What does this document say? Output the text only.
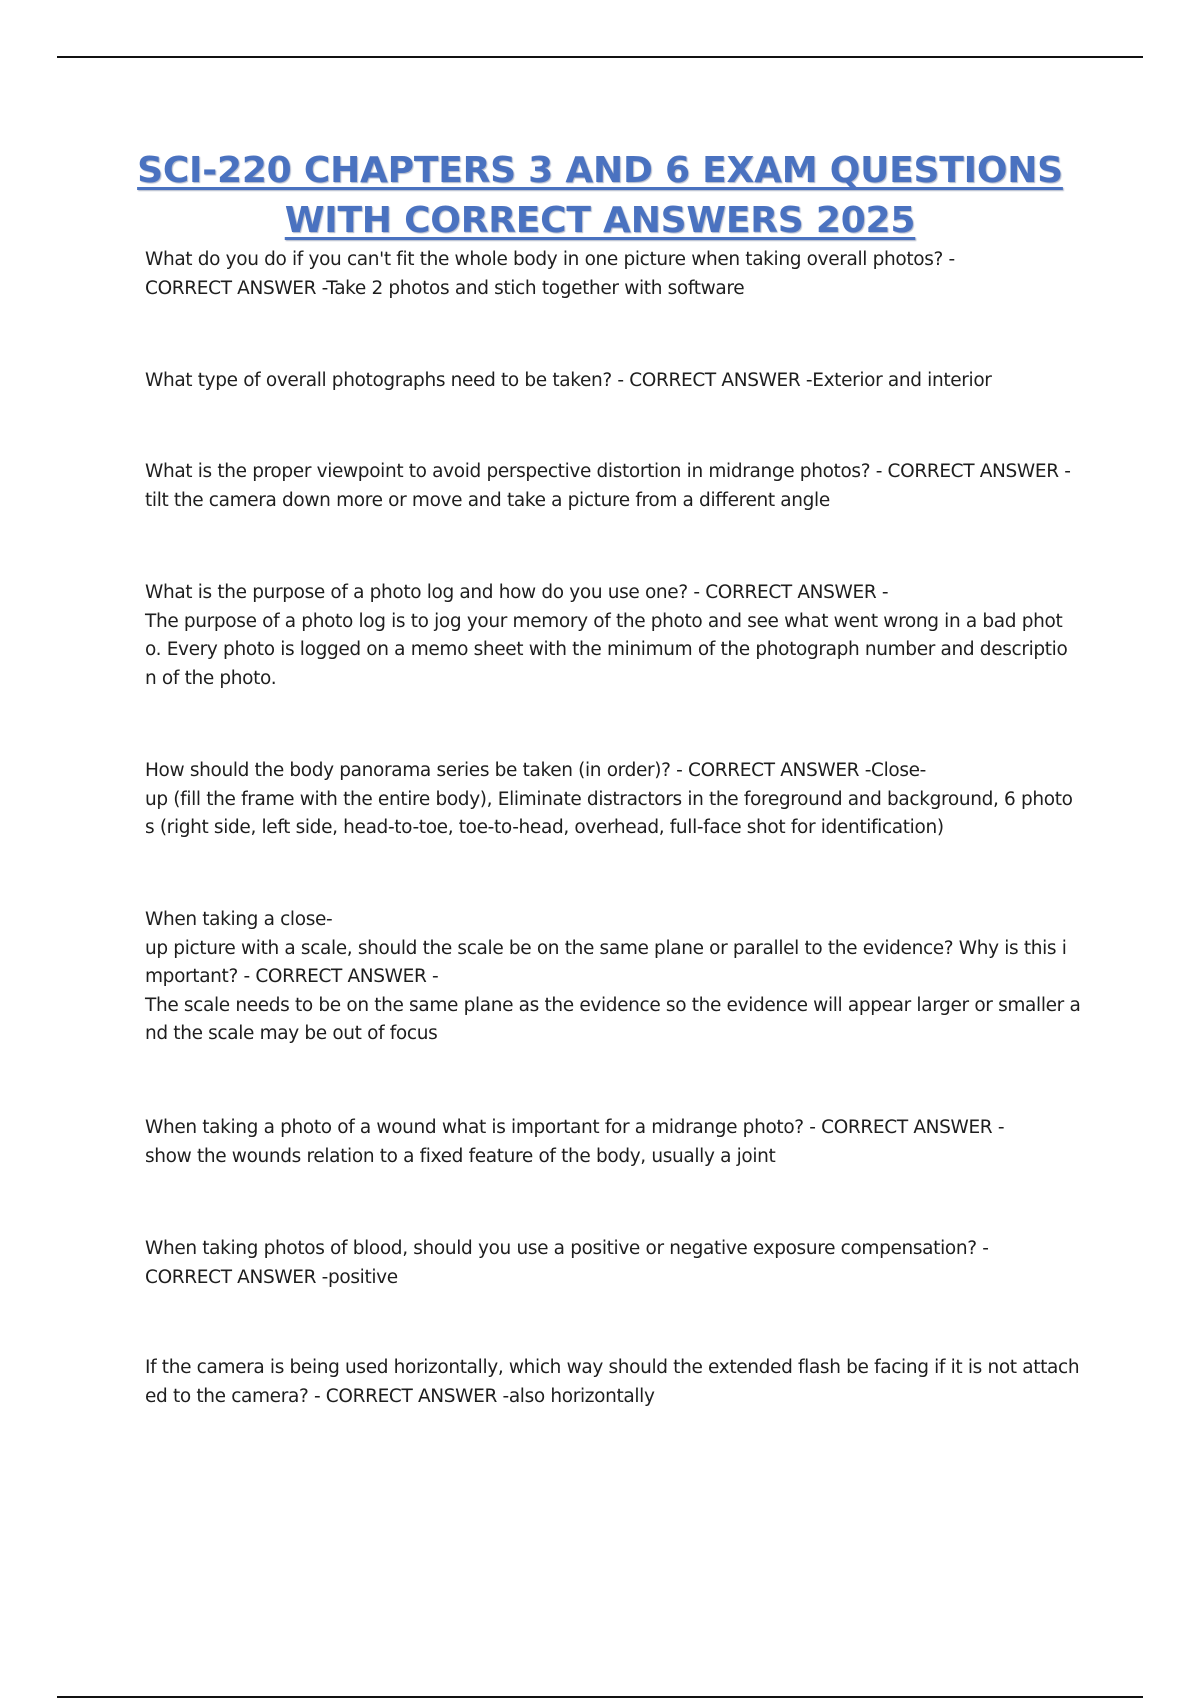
SCI-220 CHAPTERS 3 AND 6 EXAM QUESTIONS
WITH CORRECT ANSWERS 2025

What do you do if you can't fit the whole body in one picture when taking overall photos? -
CORRECT ANSWER -Take 2 photos and stich together with software

What type of overall photographs need to be taken? - CORRECT ANSWER -Exterior and interior

What is the proper viewpoint to avoid perspective distortion in midrange photos? - CORRECT ANSWER -
tilt the camera down more or move and take a picture from a different angle

What is the purpose of a photo log and how do you use one? - CORRECT ANSWER -
The purpose of a photo log is to jog your memory of the photo and see what went wrong in a bad phot
o. Every photo is logged on a memo sheet with the minimum of the photograph number and descriptio
n of the photo.

How should the body panorama series be taken (in order)? - CORRECT ANSWER -Close-
up (fill the frame with the entire body), Eliminate distractors in the foreground and background, 6 photo
s (right side, left side, head-to-toe, toe-to-head, overhead, full-face shot for identification)

When taking a close-
up picture with a scale, should the scale be on the same plane or parallel to the evidence? Why is this i
mportant? - CORRECT ANSWER -
The scale needs to be on the same plane as the evidence so the evidence will appear larger or smaller a
nd the scale may be out of focus

When taking a photo of a wound what is important for a midrange photo? - CORRECT ANSWER -
show the wounds relation to a fixed feature of the body, usually a joint

When taking photos of blood, should you use a positive or negative exposure compensation? -
CORRECT ANSWER -positive

If the camera is being used horizontally, which way should the extended flash be facing if it is not attach
ed to the camera? - CORRECT ANSWER -also horizontally
